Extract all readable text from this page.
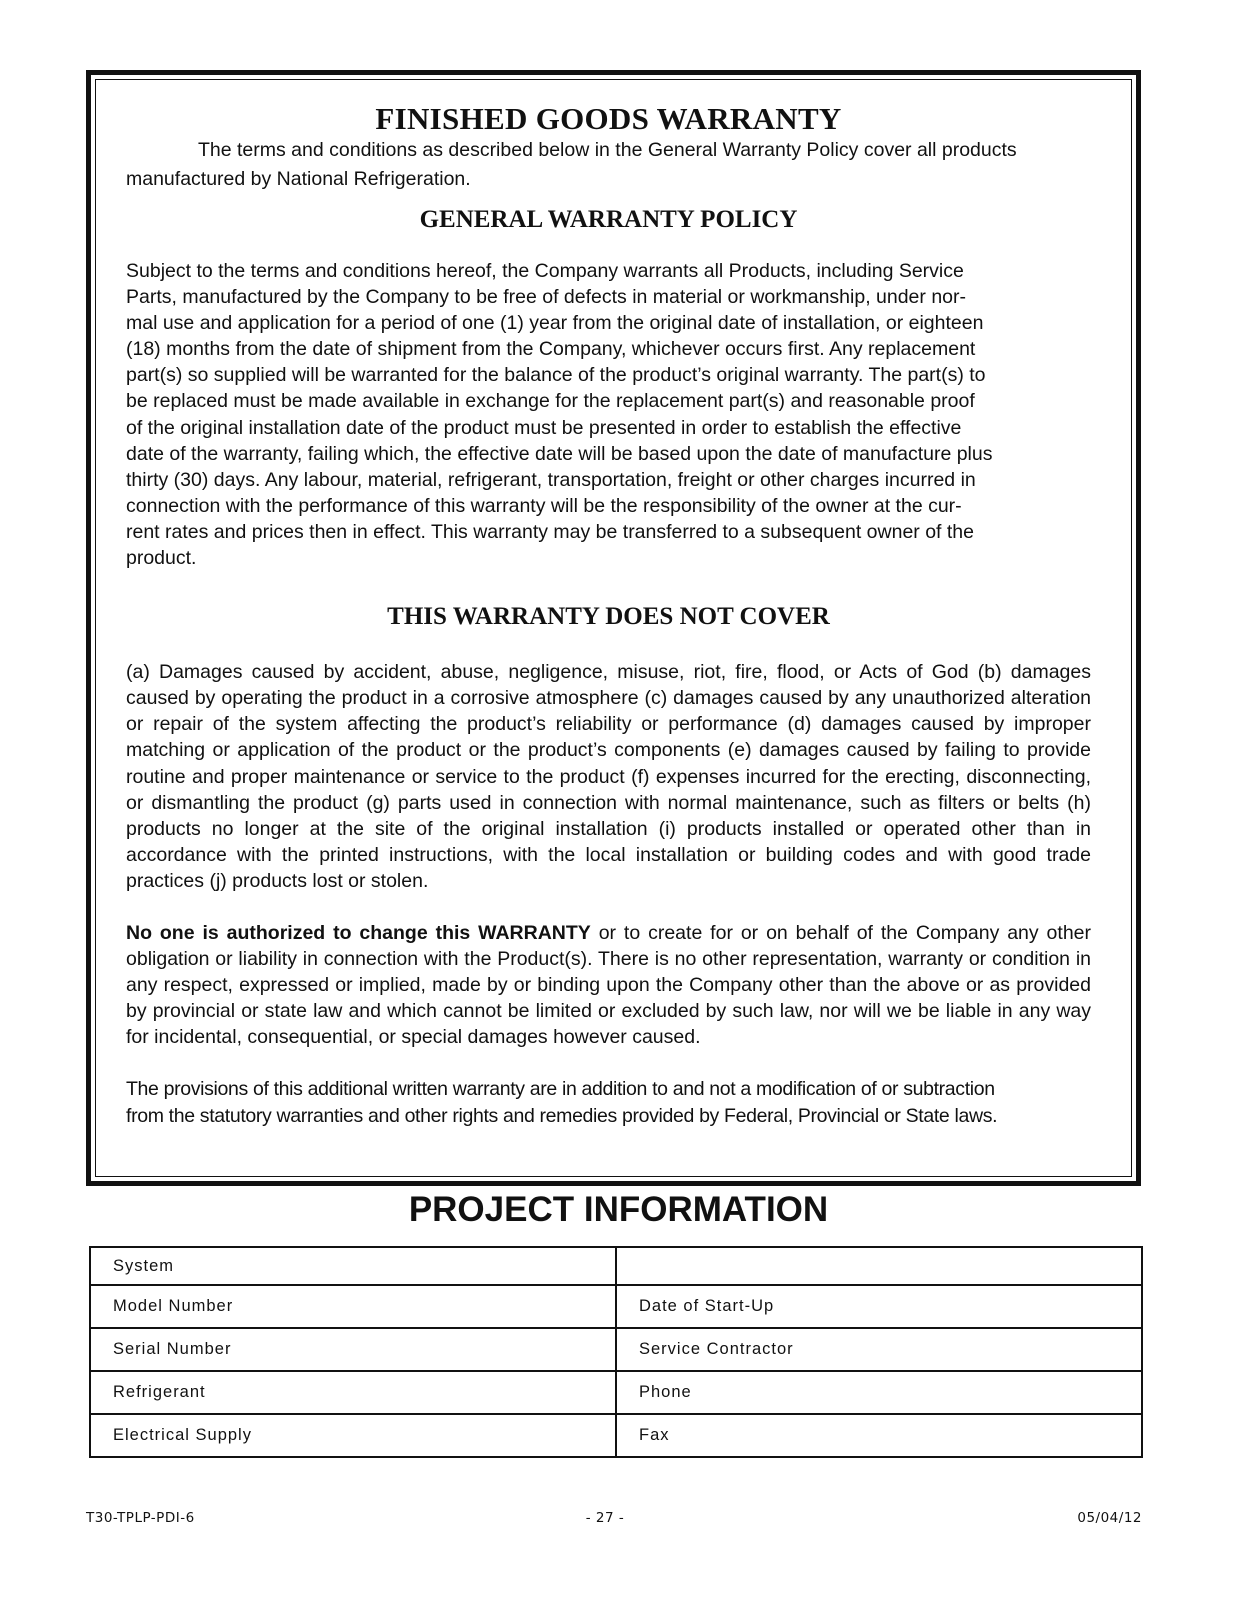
FINISHED GOODS WARRANTY

The terms and conditions as described below in the General Warranty Policy cover all products
manufactured by National Refrigeration.

GENERAL WARRANTY POLICY

Subject to the terms and conditions hereof, the Company warrants all Products, including Service
Parts, manufactured by the Company to be free of defects in material or workmanship, under nor-
mal use and application for a period of one (1) year from the original date of installation, or eighteen
(18) months from the date of shipment from the Company, whichever occurs first. Any replacement
part(s) so supplied will be warranted for the balance of the product’s original warranty. The part(s) to
be replaced must be made available in exchange for the replacement part(s) and reasonable proof
of the original installation date of the product must be presented in order to establish the effective
date of the warranty, failing which, the effective date will be based upon the date of manufacture plus
thirty (30) days. Any labour, material, refrigerant, transportation, freight or other charges incurred in
connection with the performance of this warranty will be the responsibility of the owner at the cur-
rent rates and prices then in effect. This warranty may be transferred to a subsequent owner of the
product.

THIS WARRANTY DOES NOT COVER

(a) Damages caused by accident, abuse, negligence, misuse, riot, fire, flood, or Acts of God (b) damages caused by operating the product in a corrosive atmosphere (c) damages caused by any unauthorized alteration or repair of the system affecting the product’s reliability or performance (d) damages caused by improper matching or application of the product or the product’s components (e) damages caused by failing to provide routine and proper maintenance or service to the product (f) expenses incurred for the erecting, disconnecting, or dismantling the product (g) parts used in connection with normal maintenance, such as filters or belts (h) products no longer at the site of the original installation (i) products installed or operated other than in accordance with the printed instructions, with the local installation or building codes and with good trade practices (j) products lost or stolen.

No one is authorized to change this WARRANTY or to create for or on behalf of the Company any other obligation or liability in connection with the Product(s). There is no other representation, warranty or condition in any respect, expressed or implied, made by or binding upon the Company other than the above or as provided by provincial or state law and which cannot be limited or excluded by such law, nor will we be liable in any way for incidental, consequential, or special damages however caused.

The provisions of this additional written warranty are in addition to and not a modification of or subtraction
from the statutory warranties and other rights and remedies provided by Federal, Provincial or State laws.

PROJECT INFORMATION
System	
Model Number	Date of Start-Up
Serial Number	Service Contractor
Refrigerant	Phone
Electrical Supply	Fax
T30-TPLP-PDI-6	- 27 -	05/04/12
